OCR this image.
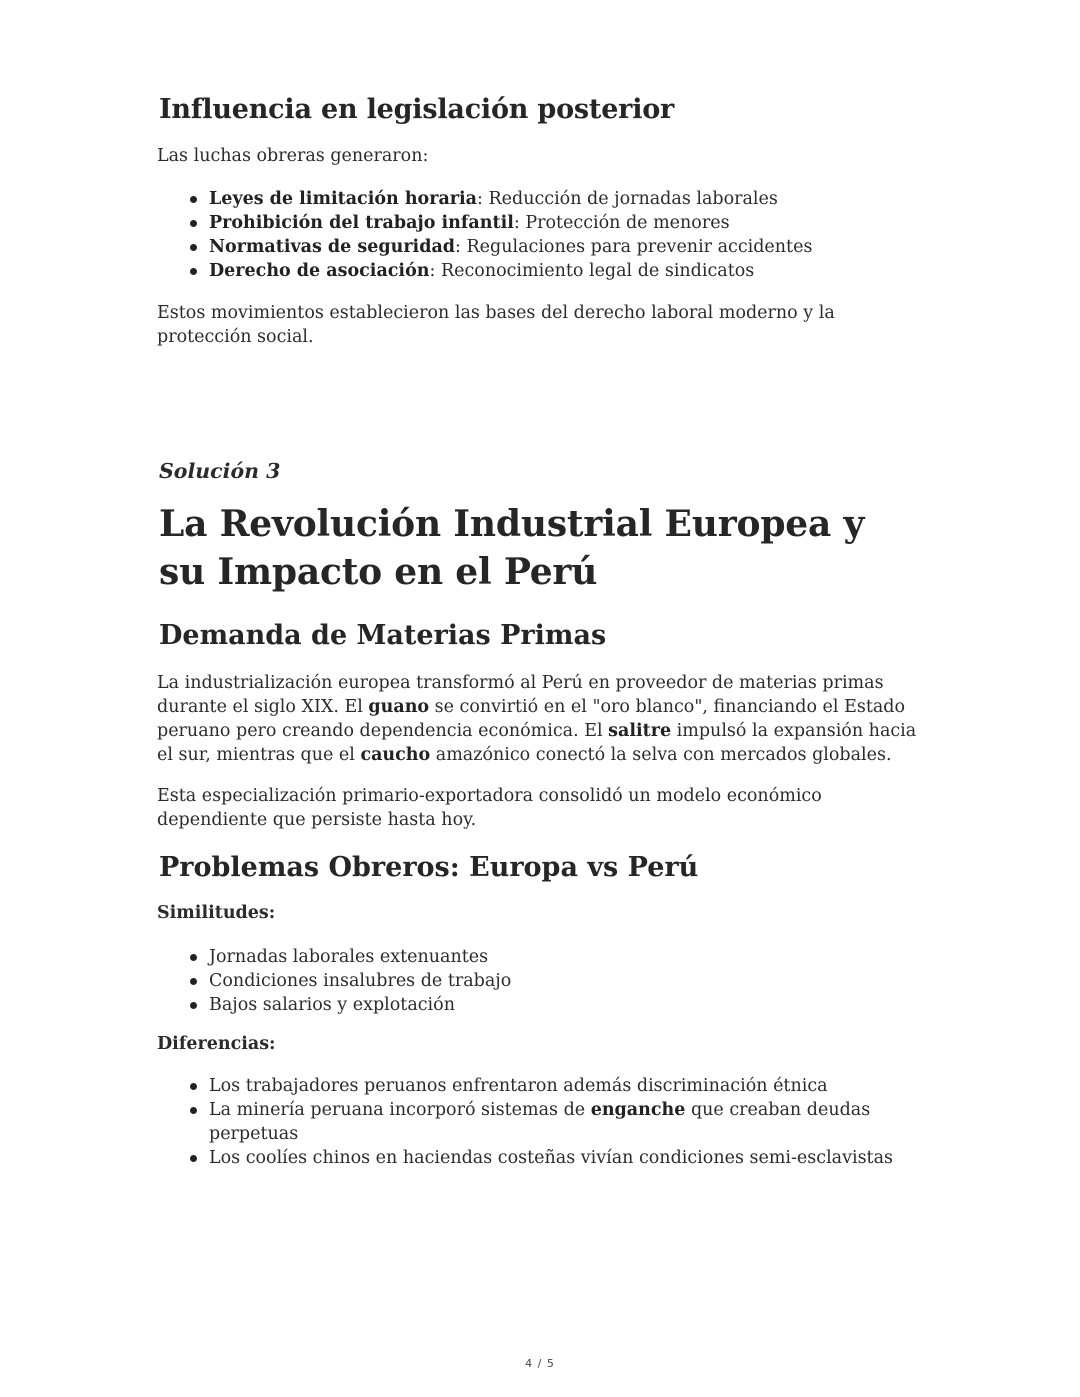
Influencia en legislación posterior

Las luchas obreras generaron:

Leyes de limitación horaria: Reducción de jornadas laborales
Prohibición del trabajo infantil: Protección de menores
Normativas de seguridad: Regulaciones para prevenir accidentes
Derecho de asociación: Reconocimiento legal de sindicatos

Estos movimientos establecieron las bases del derecho laboral moderno y la protección social.

Solución 3
La Revolución Industrial Europea y su Impacto en el Perú
Demanda de Materias Primas

La industrialización europea transformó al Perú en proveedor de materias primas durante el siglo XIX. El guano se convirtió en el "oro blanco", financiando el Estado peruano pero creando dependencia económica. El salitre impulsó la expansión hacia el sur, mientras que el caucho amazónico conectó la selva con mercados globales.

Esta especialización primario-exportadora consolidó un modelo económico dependiente que persiste hasta hoy.

Problemas Obreros: Europa vs Perú

Similitudes:

Jornadas laborales extenuantes
Condiciones insalubres de trabajo
Bajos salarios y explotación

Diferencias:

Los trabajadores peruanos enfrentaron además discriminación étnica
La minería peruana incorporó sistemas de enganche que creaban deudas perpetuas
Los coolíes chinos en haciendas costeñas vivían condiciones semi-esclavistas
4 / 5
